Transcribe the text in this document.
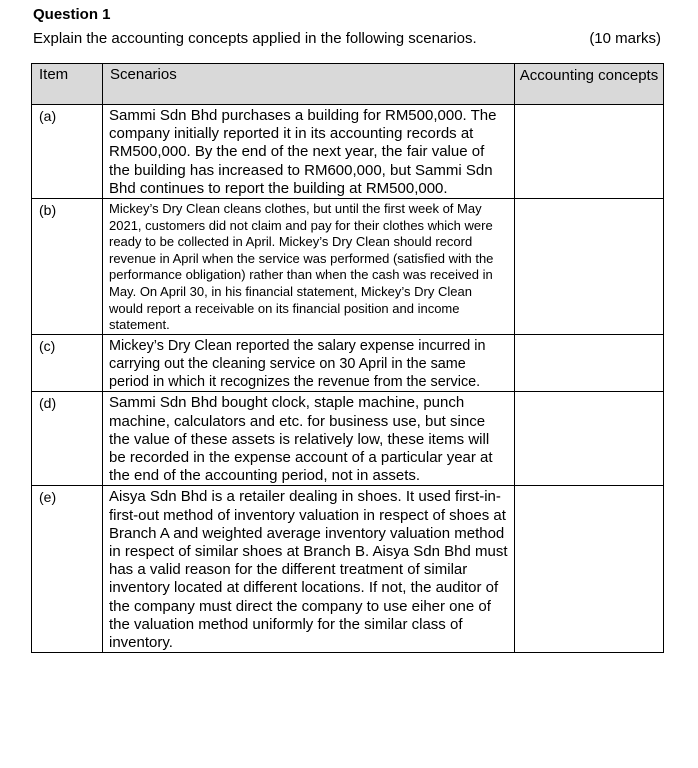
Question 1
Explain the accounting concepts applied in the following scenarios.	(10 marks)
Item	Scenarios	Accounting concepts
(a)	Sammi Sdn Bhd purchases a building for RM500,000. The company initially reported it in its accounting records at RM500,000. By the end of the next year, the fair value of the building has increased to RM600,000, but Sammi Sdn Bhd continues to report the building at RM500,000.	
(b)	Mickey’s Dry Clean cleans clothes, but until the first week of May 2021, customers did not claim and pay for their clothes which were ready to be collected in April. Mickey’s Dry Clean should record revenue in April when the service was performed (satisfied with the performance obligation) rather than when the cash was received in May. On April 30, in his financial statement, Mickey’s Dry Clean would report a receivable on its financial position and income statement.	
(c)	Mickey’s Dry Clean reported the salary expense incurred in carrying out the cleaning service on 30 April in the same period in which it recognizes the revenue from the service.	
(d)	Sammi Sdn Bhd bought clock, staple machine, punch machine, calculators and etc. for business use, but since the value of these assets is relatively low, these items will be recorded in the expense account of a particular year at the end of the accounting period, not in assets.	
(e)	Aisya Sdn Bhd is a retailer dealing in shoes. It used first-in-first-out method of inventory valuation in respect of shoes at Branch A and weighted average inventory valuation method in respect of similar shoes at Branch B. Aisya Sdn Bhd must has a valid reason for the different treatment of similar inventory located at different locations. If not, the auditor of the company must direct the company to use eiher one of the valuation method uniformly for the similar class of inventory.	
